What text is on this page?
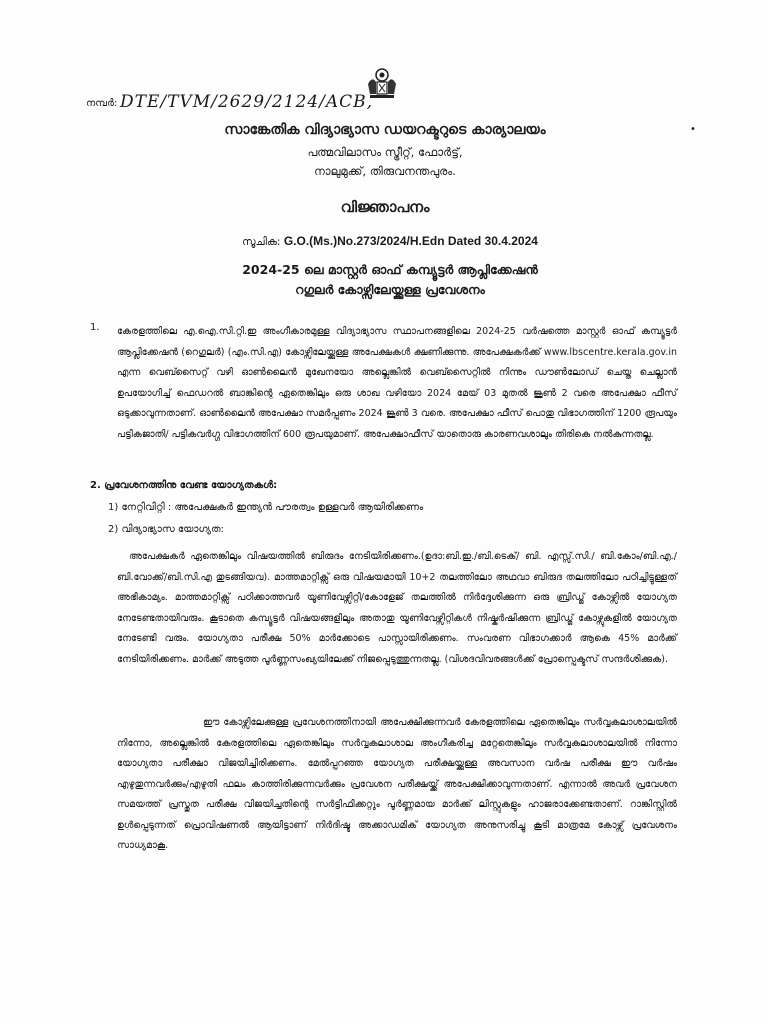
നമ്പർ: DTE/TVM/2629/2124/ACB,
•
സാങ്കേതിക വിദ്യാഭ്യാസ ഡയറക്ടറുടെ കാര്യാലയം
പത്മവിലാസം സ്ട്രീറ്റ്, ഫോർട്ട്,
നാലുമുക്ക്, തിരുവനന്തപുരം.
വിജ്ഞാപനം
സൂചിക: G.O.(Ms.)No.273/2024/H.Edn Dated 30.4.2024
2024-25 ലെ മാസ്റ്റർ ഓഫ് കമ്പ്യൂട്ടർ ആപ്ലിക്കേഷൻ
റഗുലർ കോഴ്സിലേയ്ക്കുള്ള പ്രവേശനം
1. കേരളത്തിലെ എ.ഐ.സി.റ്റി.ഇ അംഗീകാരമുള്ള വിദ്യാഭ്യാസ സ്ഥാപനങ്ങളിലെ 2024-25 വർഷത്തെ മാസ്റ്റർ ഓഫ് കമ്പ്യൂട്ടർ ആപ്ലിക്കേഷൻ (റെഗുലർ) (എം.സി.എ) കോഴ്സിലേയ്ക്കുള്ള അപേക്ഷകൾ ക്ഷണിക്കുന്നു. അപേക്ഷകർക്ക് www.lbscentre.kerala.gov.in എന്ന വെബ്സൈറ്റ് വഴി ഓൺലൈൻ മുഖേനയോ അല്ലെങ്കിൽ വെബ്സൈറ്റിൽ നിന്നും ഡൗൺലോഡ് ചെയ്ത ചെല്ലാൻ ഉപയോഗിച്ച് ഫെഡറൽ ബാങ്കിന്റെ ഏതെങ്കിലും ഒരു ശാഖ വഴിയോ 2024 മേയ് 03 മുതൽ ജൂൺ 2 വരെ അപേക്ഷാ ഫീസ് ഒടുക്കാവുന്നതാണ്. ഓൺലൈൻ അപേക്ഷാ സമർപ്പണം 2024 ജൂൺ 3 വരെ. അപേക്ഷാ ഫീസ് പൊതു വിഭാഗത്തിന് 1200 രൂപയും പട്ടികജാതി/ പട്ടികവർഗ്ഗ വിഭാഗത്തിന് 600 രൂപയുമാണ്. അപേക്ഷാഫീസ് യാതൊരു കാരണവശാലും തിരികെ നൽകുന്നതല്ല.
2. പ്രവേശനത്തിനു വേണ്ട യോഗ്യതകൾ:
1) നേറ്റിവിറ്റി : അപേക്ഷകർ ഇന്ത്യൻ പൗരത്വം ഉള്ളവർ ആയിരിക്കണം
2) വിദ്യാഭ്യാസ യോഗ്യത:
അപേക്ഷകർ ഏതെങ്കിലും വിഷയത്തിൽ ബിരുദം നേടിയിരിക്കണം.(ഉദാ:ബി.ഇ./ബി.ടെക്/ ബി. എസ്സ്.സി./ ബി.കോം/ബി.എ./ബി.വോക്ക്/ബി.സി.എ തുടങ്ങിയവ). മാത്തമാറ്റിക്സ് ഒരു വിഷയമായി 10+2 തലത്തിലോ അഥവാ ബിരുദ തലത്തിലോ പഠിച്ചിട്ടുള്ളത് അഭികാമ്യം. മാത്തമാറ്റിക്സ് പഠിക്കാത്തവർ യൂണിവേഴ്സിറ്റി/കോളേജ് തലത്തിൽ നിർദ്ദേശിക്കുന്ന ഒരു ബ്രിഡ്ജ് കോഴ്സിൽ യോഗ്യത നേടേണ്ടതായിവരും. കൂടാതെ കമ്പ്യൂട്ടർ വിഷയങ്ങളിലും അതാതു യൂണിവേഴ്സിറ്റികൾ നിഷ്കർഷിക്കുന്ന ബ്രിഡ്ജ് കോഴ്സുകളിൽ യോഗ്യത നേടേണ്ടി വരും. യോഗ്യതാ പരീക്ഷ 50% മാർക്കോടെ പാസ്സായിരിക്കണം. സംവരണ വിഭാഗക്കാർ ആകെ 45% മാർക്ക് നേടിയിരിക്കണം. മാർക്ക് അടുത്ത പൂർണ്ണസംഖ്യയിലേക്ക് നിജപ്പെടുത്തുന്നതല്ല. (വിശദവിവരങ്ങൾക്ക് പ്രോസ്പെക്ടസ് സന്ദർശിക്കുക).
ഈ കോഴ്സിലേക്കുള്ള പ്രവേശനത്തിനായി അപേക്ഷിക്കുന്നവർ കേരളത്തിലെ ഏതെങ്കിലും സർവ്വകലാശാലയിൽ നിന്നോ, അല്ലെങ്കിൽ കേരളത്തിലെ ഏതെങ്കിലും സർവ്വകലാശാല അംഗീകരിച്ച മറ്റേതെങ്കിലും സർവ്വകലാശാലയിൽ നിന്നോ യോഗ്യതാ പരീക്ഷാ വിജയിച്ചിരിക്കണം. മേൽപ്പറഞ്ഞ യോഗ്യത പരീക്ഷയ്ക്കുള്ള അവസാന വർഷ പരീക്ഷ ഈ വർഷം എഴുതുന്നവർക്കും/എഴുതി ഫലം കാത്തിരിക്കുന്നവർക്കും പ്രവേശന പരീക്ഷയ്ക്ക് അപേക്ഷിക്കാവുന്നതാണ്. എന്നാൽ അവർ പ്രവേശന സമയത്ത് പ്രസ്തുത പരീക്ഷ വിജയിച്ചതിന്റെ സർട്ടിഫിക്കറ്റും പൂർണ്ണമായ മാർക്ക് ലിസ്റ്റുകളും ഹാജരാക്കേണ്ടതാണ്. റാങ്കിസ്റ്റിൽ ഉൾപ്പെടുന്നത് പ്രൊവിഷണൽ ആയിട്ടാണ് നിർദിഷ്ട അക്കാഡമിക് യോഗ്യത അനുസരിച്ചു കൂടി മാത്രമേ കോഴ്സ് പ്രവേശനം സാധ്യമാകൂ.
